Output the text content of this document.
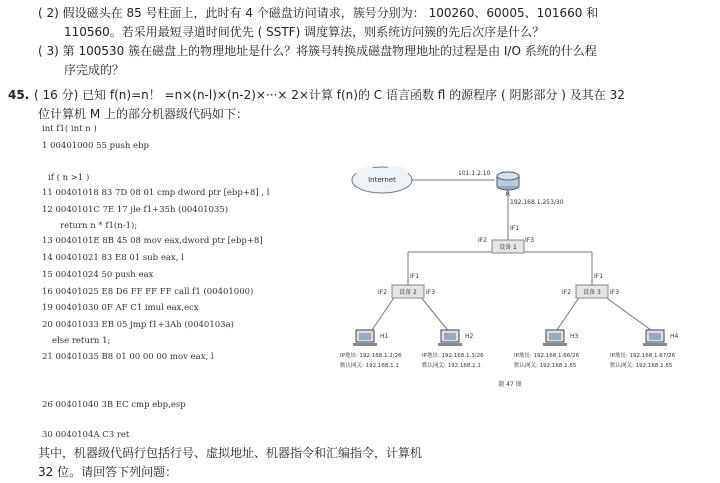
( 2) 假设磁头在 85 号柱面上，此时有 4 个磁盘访问请求，簇号分别为： 100260、60005、101660 和
110560。若采用最短寻道时间优先 ( SSTF) 调度算法，则系统访问簇的先后次序是什么？
( 3) 第 100530 簇在磁盘上的物理地址是什么？将簇号转换成磁盘物理地址的过程是由 I/O 系统的什么程
序完成的？
45. ( 16 分) 已知 f(n)=n！ =n×(n-l)×(n-2)×···× 2×计算 f(n)的 C 语言函数 fl 的源程序 ( 阴影部分 ) 及其在 32
位计算机 M 上的部分机器级代码如下：
int f1( int n )
1 00401000 55 push ebp
if ( n >1 )
11 00401018 83 7D 08 01 cmp dword ptr [ebp+8] , l
12 0040101C 7E 17 jle f1+35h (00401035)
return n * f1(n-1);
13 0040101E 8B 45 08 mov eax,dword ptr [ebp+8]
14 00401021 83 E8 01 sub eax, l
15 00401024 50 push eax
16 00401025 E8 D6 FF FF FF call f1 (00401000)
19 00401030 0F AF C1 imul eax,ecx
20 00401033 EB 05 jmp f1+3Ah (0040103a)
else return 1;
21 00401035 B8 01 00 00 00 mov eax, l
26 00401040 3B EC cmp ebp,esp
30 0040104A C3 ret
其中，机器级代码行包括行号、虚拟地址、机器指令和汇编指令，计算机
32 位。请回答下列问题：
Internet
R
101.1.2.10
192.168.1.253/30
IF1
设备 1
IF2	IF3
IF1
设备 2
IF2	IF3
IF1
设备 3
IF2	IF3
H1
IP地址: 192.168.1.2/26
默认网关: 192.168.1.1
H2
IP地址: 192.168.1.3/26
默认网关: 192.168.1.1
H3
IP地址: 192.168.1.66/26
默认网关: 192.168.1.65
H4
IP地址: 192.168.1.67/26
默认网关: 192.168.1.65
题 47 图
